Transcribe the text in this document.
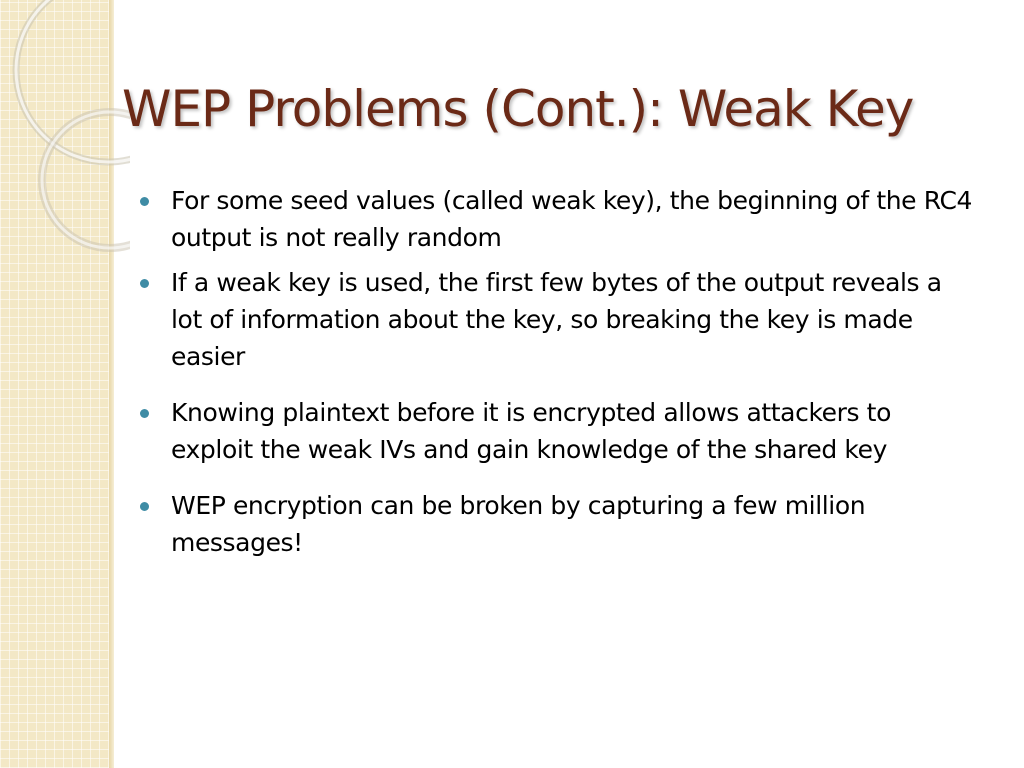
WEP Problems (Cont.): Weak Key
For some seed values (called weak key), the beginning of the RC4 output is not really random
If a weak key is used, the first few bytes of the output reveals a lot of information about the key, so breaking the key is made easier
Knowing plaintext before it is encrypted allows attackers to exploit the weak IVs and gain knowledge of the shared key
WEP encryption can be broken by capturing a few million messages!
